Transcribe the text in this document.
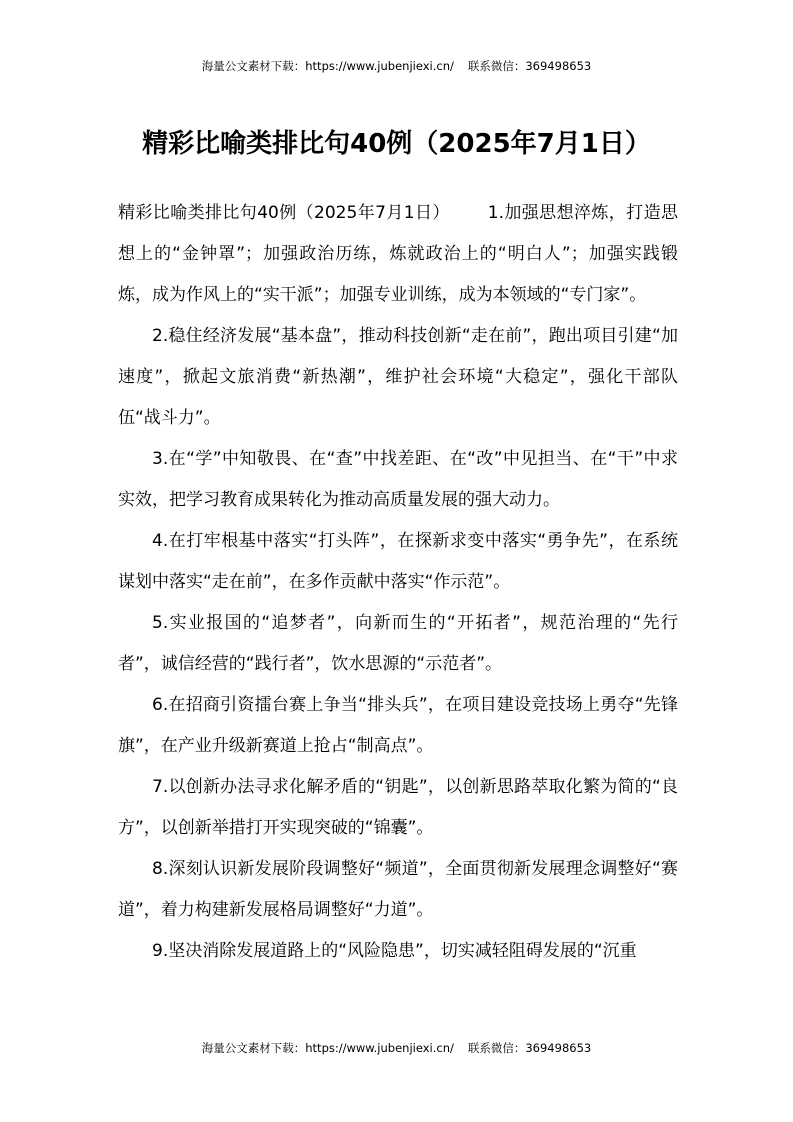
海量公文素材下载：https://www.jubenjiexi.cn/ 联系微信：369498653
精彩比喻类排比句40例（2025年7月1日）

精彩比喻类排比句40例（2025年7月1日） 1.加强思想淬炼，打造思想上的“金钟罩”；加强政治历练，炼就政治上的“明白人”；加强实践锻炼，成为作风上的“实干派”；加强专业训练，成为本领域的“专门家”。

2.稳住经济发展“基本盘”，推动科技创新“走在前”，跑出项目引建“加速度”，掀起文旅消费“新热潮”，维护社会环境“大稳定”，强化干部队伍“战斗力”。

3.在“学”中知敬畏、在“查”中找差距、在“改”中见担当、在“干”中求实效，把学习教育成果转化为推动高质量发展的强大动力。

4.在打牢根基中落实“打头阵”，在探新求变中落实“勇争先”，在系统谋划中落实“走在前”，在多作贡献中落实“作示范”。

5.实业报国的“追梦者”，向新而生的“开拓者”，规范治理的“先行者”，诚信经营的“践行者”，饮水思源的“示范者”。

6.在招商引资擂台赛上争当“排头兵”，在项目建设竞技场上勇夺“先锋旗”，在产业升级新赛道上抢占“制高点”。

7.以创新办法寻求化解矛盾的“钥匙”，以创新思路萃取化繁为简的“良方”，以创新举措打开实现突破的“锦囊”。

8.深刻认识新发展阶段调整好“频道”，全面贯彻新发展理念调整好“赛道”，着力构建新发展格局调整好“力道”。

9.坚决消除发展道路上的“风险隐患”，切实减轻阻碍发展的“沉重

海量公文素材下载：https://www.jubenjiexi.cn/ 联系微信：369498653
